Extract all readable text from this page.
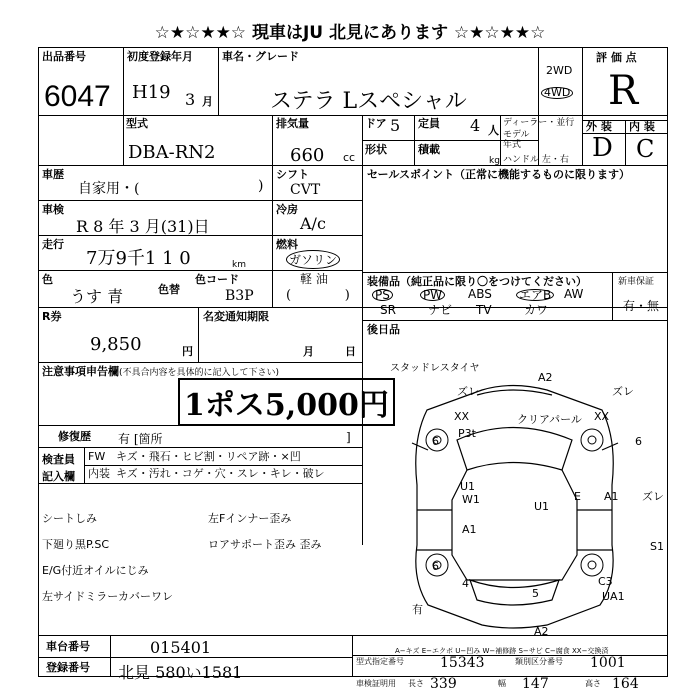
☆★☆★★☆ 現車はJU 北見にあります ☆★☆★★☆
出品番号
6047
初度登録年月
H19 3 月
車名・グレード
ステラ Lスペシャル
2WD
4WD
評 価 点
R
型式
DBA-RN2
排気量
660 cc
ドア 5 定員 4 人
ディーラー・並行
モデル年式
外 装 内 装
D C
形状	積載
kg ハンドル 左・右
車歴
自家用・(	)
シフト
CVT
セールスポイント（正常に機能するものに限ります）
車検
R 8 年 3 月(31)日
冷房
A/c
走行
7万9千1 1 0	km
燃料
ガソリン
軽 油
色
うす 青	色替
色コード
B3P (             )
装備品（純正品に限り〇をつけてください）	新車保証
有・無
PS	PW ABS エアB AW
SR	ナビ TV	カワ
R券
9,850	円
名変通知期限
月	日
後日品
注意事項申告欄(不具合内容を具体的に記入して下さい)
1ポス5,000円
修復歴 有 [箇所	]
検査員 記入欄
FW キズ・飛石・ヒビ割・リペア跡・×凹
内装 キズ・汚れ・コゲ・穴・スレ・キレ・破レ
シートしみ
下廻り黒P.SC
E/G付近オイルにじみ
左サイドミラーカバーワレ
左Fインナー歪み
ロアサポート歪み 歪み
車台番号	015401
登録番号 北見 580い1581
A−キズ E−エクボ U−凹み W−補修跡 S−サビ C−腐食 XX−交換済
型式指定番号	15343	類別区分番号 1001
車検証明用 長さ 339	幅 147	高さ 164
スタッドレスタイヤ
A2
ズレ	ズレ
XX
P3t
XX
クリアパール
6	6
U1
W1
U1
E A1 ズレ
A1
S1
6
4
5
C3
UA1
有
A2
